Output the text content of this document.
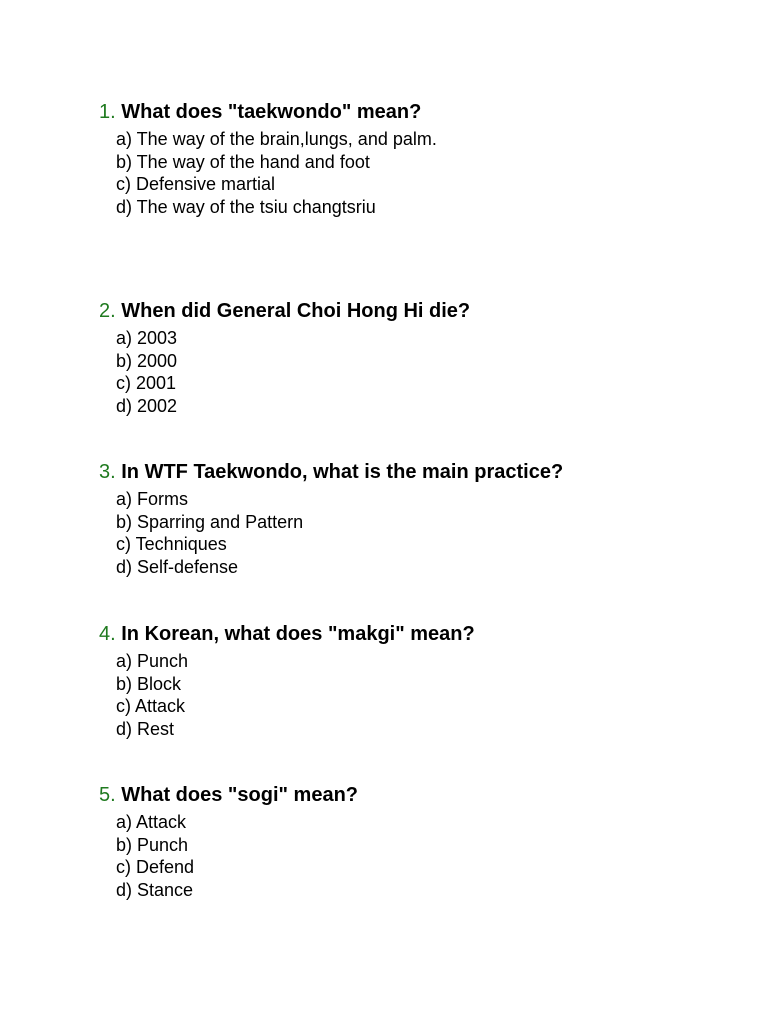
1. What does "taekwondo" mean?
a) The way of the brain,lungs, and palm.
b) The way of the hand and foot
c) Defensive martial
d) The way of the tsiu changtsriu
2. When did General Choi Hong Hi die?
a) 2003
b) 2000
c) 2001
d) 2002
3. In WTF Taekwondo, what is the main practice?
a) Forms
b) Sparring and Pattern
c) Techniques
d) Self-defense
4. In Korean, what does "makgi" mean?
a) Punch
b) Block
c) Attack
d) Rest
5. What does "sogi" mean?
a) Attack
b) Punch
c) Defend
d) Stance
